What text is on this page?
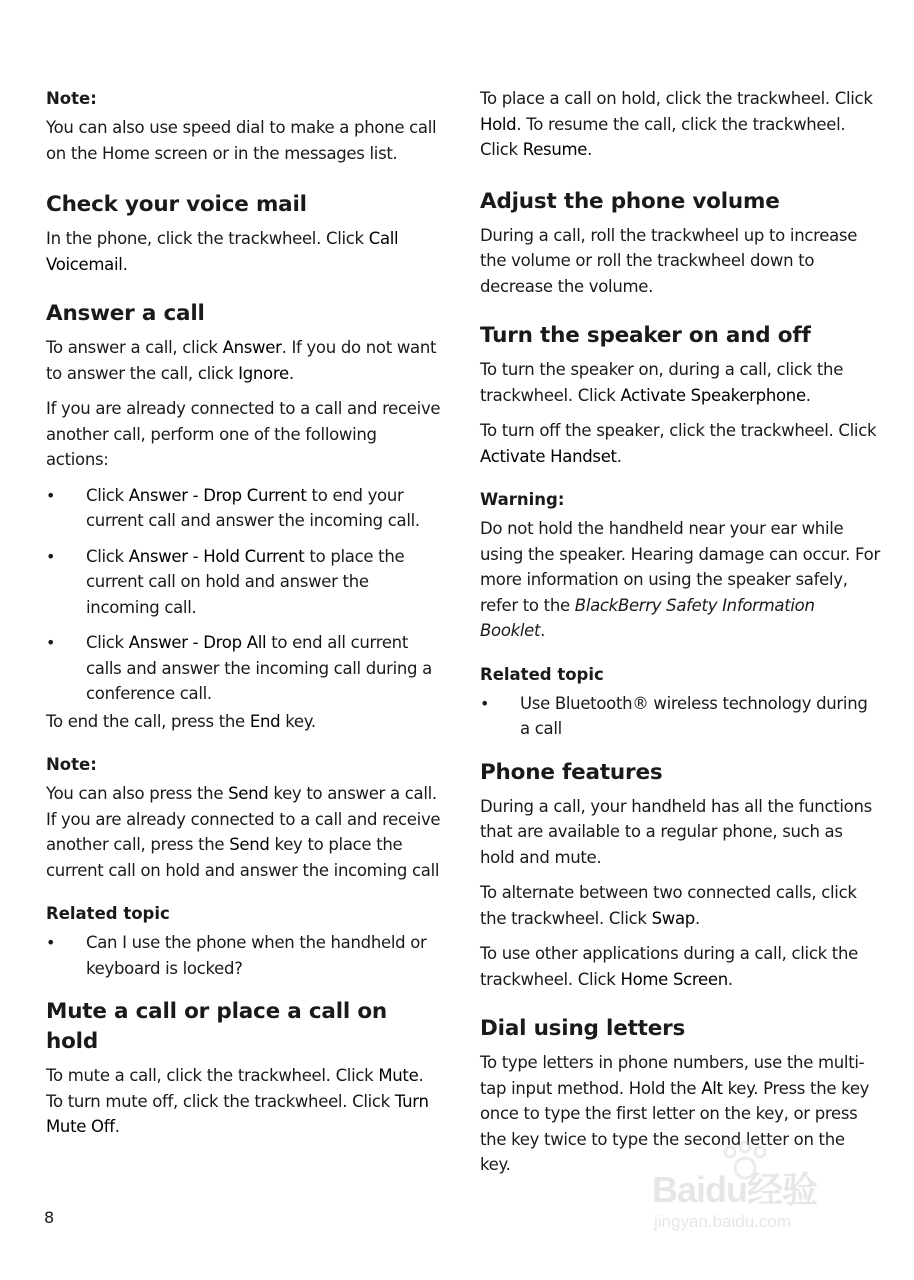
Note:

You can also use speed dial to make a phone call on the Home screen or in the messages list.

Check your voice mail

In the phone, click the trackwheel. Click Call Voicemail.

Answer a call

To answer a call, click Answer. If you do not want to answer the call, click Ignore.

If you are already connected to a call and receive another call, perform one of the following actions:

• Click Answer - Drop Current to end your current call and answer the incoming call.
• Click Answer - Hold Current to place the current call on hold and answer the incoming call.
• Click Answer - Drop All to end all current calls and answer the incoming call during a conference call.

To end the call, press the End key.

Note:

You can also press the Send key to answer a call. If you are already connected to a call and receive another call, press the Send key to place the current call on hold and answer the incoming call

Related topic
• Can I use the phone when the handheld or keyboard is locked?
Mute a call or place a call on hold

To mute a call, click the trackwheel. Click Mute. To turn mute off, click the trackwheel. Click Turn Mute Off.

To place a call on hold, click the trackwheel. Click Hold. To resume the call, click the trackwheel. Click Resume.

Adjust the phone volume

During a call, roll the trackwheel up to increase the volume or roll the trackwheel down to decrease the volume.

Turn the speaker on and off

To turn the speaker on, during a call, click the trackwheel. Click Activate Speakerphone.

To turn off the speaker, click the trackwheel. Click Activate Handset.

Warning:

Do not hold the handheld near your ear while using the speaker. Hearing damage can occur. For more information on using the speaker safely, refer to the BlackBerry Safety Information Booklet.

Related topic
• Use Bluetooth® wireless technology during a call
Phone features

During a call, your handheld has all the functions that are available to a regular phone, such as hold and mute.

To alternate between two connected calls, click the trackwheel. Click Swap.

To use other applications during a call, click the trackwheel. Click Home Screen.

Dial using letters

To type letters in phone numbers, use the multi-tap input method. Hold the Alt key. Press the key once to type the first letter on the key, or press the key twice to type the second letter on the key.

8
Baidu经验
jingyan.baidu.com
